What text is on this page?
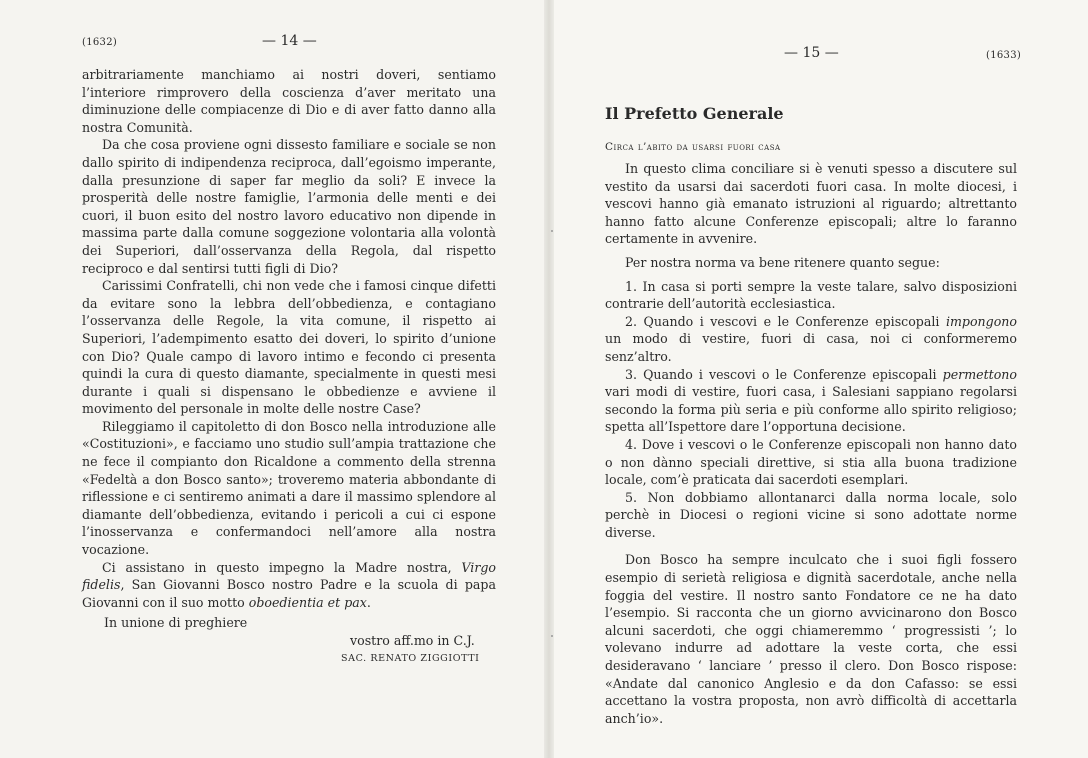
(1632)	— 14 —
— 15 —	(1633)

arbitrariamente manchiamo ai nostri doveri, sentiamo l’interiore rimprovero della coscienza d’aver meritato una diminuzione delle compiacenze di Dio e di aver fatto danno alla nostra Comunità.

Da che cosa proviene ogni dissesto familiare e sociale se non dallo spirito di indipendenza reciproca, dall’egoismo imperante, dalla presunzione di saper far meglio da soli? E invece la prosperità delle nostre famiglie, l’armonia delle menti e dei cuori, il buon esito del nostro lavoro educativo non dipende in massima parte dalla comune soggezione volontaria alla volontà dei Superiori, dall’osservanza della Regola, dal rispetto reciproco e dal sentirsi tutti figli di Dio?

Carissimi Confratelli, chi non vede che i famosi cinque difetti da evitare sono la lebbra dell’obbedienza, e contagiano l’osservanza delle Regole, la vita comune, il rispetto ai Superiori, l’adempimento esatto dei doveri, lo spirito d’unione con Dio? Quale campo di lavoro intimo e fecondo ci presenta quindi la cura di questo diamante, specialmente in questi mesi durante i quali si dispensano le obbedienze e avviene il movimento del personale in molte delle nostre Case?

Rileggiamo il capitoletto di don Bosco nella introduzione alle «Costituzioni», e facciamo uno studio sull’ampia trattazione che ne fece il compianto don Ricaldone a commento della strenna «Fedeltà a don Bosco santo»; troveremo materia abbondante di riflessione e ci sentiremo animati a dare il massimo splendore al diamante dell’obbedienza, evitando i pericoli a cui ci espone l’inosservanza e confermandoci nell’amore alla nostra vocazione.

Ci assistano in questo impegno la Madre nostra, Virgo fidelis, San Giovanni Bosco nostro Padre e la scuola di papa Giovanni con il suo motto oboedientia et pax.

In unione di preghiere
vostro aff.mo in C.J.
SAC. RENATO ZIGGIOTTI
Il Prefetto Generale
Circa l’abito da usarsi fuori casa

In questo clima conciliare si è venuti spesso a discutere sul vestito da usarsi dai sacerdoti fuori casa. In molte diocesi, i vescovi hanno già emanato istruzioni al riguardo; altrettanto hanno fatto alcune Conferenze episcopali; altre lo faranno certamente in avvenire.

Per nostra norma va bene ritenere quanto segue:

1. In casa si porti sempre la veste talare, salvo disposizioni contrarie dell’autorità ecclesiastica.

2. Quando i vescovi e le Conferenze episcopali impongono un modo di vestire, fuori di casa, noi ci conformeremo senz’altro.

3. Quando i vescovi o le Conferenze episcopali permettono vari modi di vestire, fuori casa, i Salesiani sappiano regolarsi secondo la forma più seria e più conforme allo spirito religioso; spetta all’Ispettore dare l’opportuna decisione.

4. Dove i vescovi o le Conferenze episcopali non hanno dato o non dànno speciali direttive, si stia alla buona tradizione locale, com’è praticata dai sacerdoti esemplari.

5. Non dobbiamo allontanarci dalla norma locale, solo perchè in Diocesi o regioni vicine si sono adottate norme diverse.

Don Bosco ha sempre inculcato che i suoi figli fossero esempio di serietà religiosa e dignità sacerdotale, anche nella foggia del vestire. Il nostro santo Fondatore ce ne ha dato l’esempio. Si racconta che un giorno avvicinarono don Bosco alcuni sacerdoti, che oggi chiameremmo ‘ progressisti ’; lo volevano indurre ad adottare la veste corta, che essi desideravano ‘ lanciare ’ presso il clero. Don Bosco rispose: «Andate dal canonico Anglesio e da don Cafasso: se essi accettano la vostra proposta, non avrò difficoltà di accettarla anch’io».
